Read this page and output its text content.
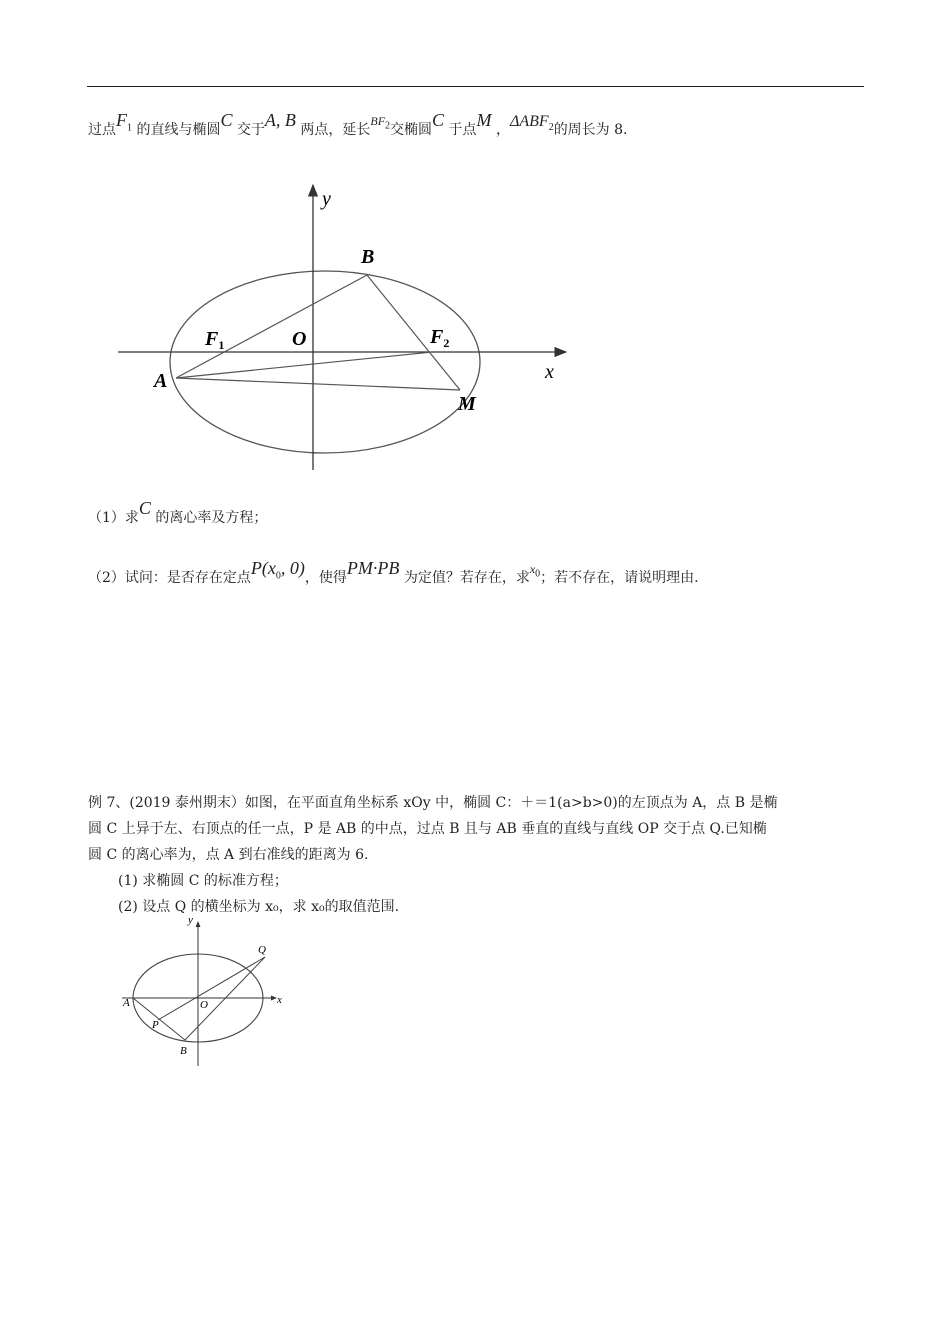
过点$F_1$ 的直线与椭圆C 交于A, B 两点，延长$BF_2$交椭圆C 于点M ，$\Delta ABF_2$的周长为 8.
y
x
O
$F_1$	$F_2$
A
B
M
（1）求C 的离心率及方程；
（2）试问：是否存在定点$P(x_0$, 0)，使得PM·PB 为定值？若存在，求$x_0$；若不存在，请说明理由.
例 7、(2019 泰州期末）如图，在平面直角坐标系 xOy 中，椭圆 C：＋＝1(a>b>0)的左顶点为 A，点 B 是椭
圆 C 上异于左、右顶点的任一点，P 是 AB 的中点，过点 B 且与 AB 垂直的直线与直线 OP 交于点 Q.已知椭
圆 C 的离心率为，点 A 到右准线的距离为 6.
(1) 求椭圆 C 的标准方程；
(2) 设点 Q 的横坐标为 x₀，求 x₀的取值范围.
y
x
O
A
P
B
Q
